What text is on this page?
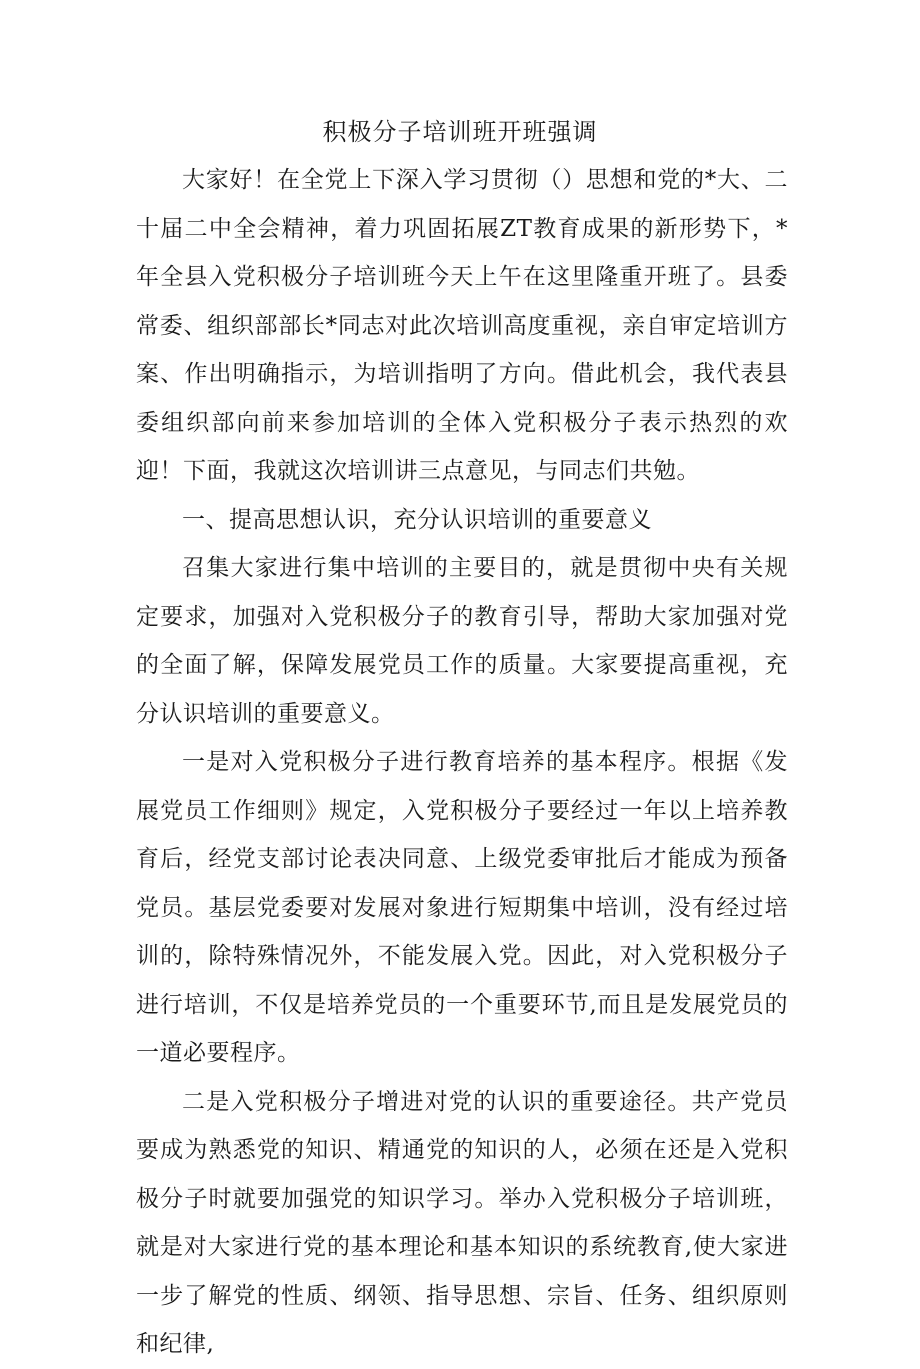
积极分子培训班开班强调

大家好！在全党上下深入学习贯彻（）思想和党的*大、二十届二中全会精神，着力巩固拓展ZT教育成果的新形势下，*年全县入党积极分子培训班今天上午在这里隆重开班了。县委常委、组织部部长*同志对此次培训高度重视，亲自审定培训方案、作出明确指示，为培训指明了方向。借此机会，我代表县委组织部向前来参加培训的全体入党积极分子表示热烈的欢迎！下面，我就这次培训讲三点意见，与同志们共勉。

一、提高思想认识，充分认识培训的重要意义

召集大家进行集中培训的主要目的，就是贯彻中央有关规定要求，加强对入党积极分子的教育引导，帮助大家加强对党的全面了解，保障发展党员工作的质量。大家要提高重视，充分认识培训的重要意义。

一是对入党积极分子进行教育培养的基本程序。根据《发展党员工作细则》规定，入党积极分子要经过一年以上培养教育后，经党支部讨论表决同意、上级党委审批后才能成为预备党员。基层党委要对发展对象进行短期集中培训，没有经过培训的，除特殊情况外，不能发展入党。因此，对入党积极分子进行培训，不仅是培养党员的一个重要环节,而且是发展党员的一道必要程序。

二是入党积极分子增进对党的认识的重要途径。共产党员要成为熟悉党的知识、精通党的知识的人，必须在还是入党积极分子时就要加强党的知识学习。举办入党积极分子培训班，就是对大家进行党的基本理论和基本知识的系统教育,使大家进一步了解党的性质、纲领、指导思想、宗旨、任务、组织原则和纪律,
